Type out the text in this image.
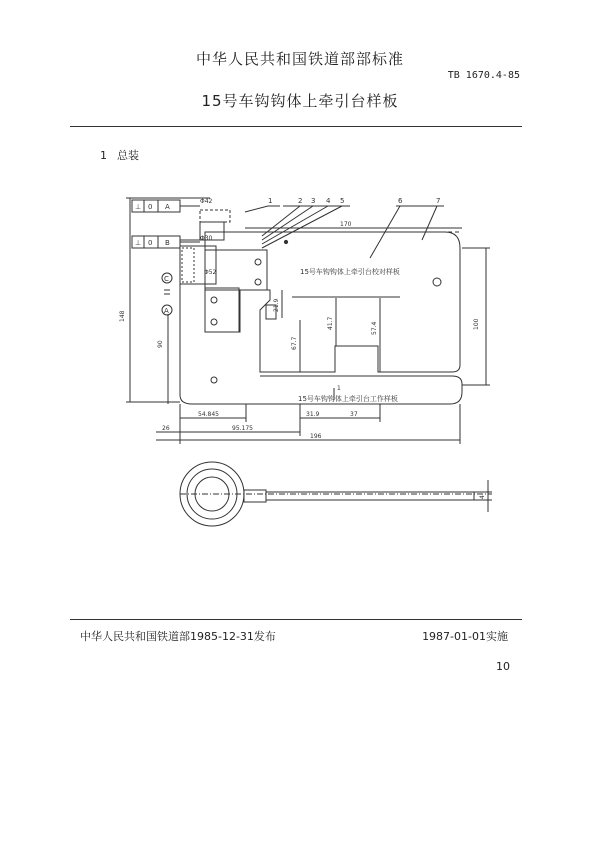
中华人民共和国铁道部部标准
TB 1670.4-85
15号车钩钩体上牵引台样板
1 总装
15号车钩钩体上牵引台校对样板
15号车钩钩体上牵引台工作样板
1	2 3 4 5	6	7
Φ42
Φ30
Φ52
170
100
148
90
21.9
67.7
41.7	57.4
1
54.845	31.9	37
26	95.175
196
4
⊥ 0 A
⊥ 0 B
C
A
中华人民共和国铁道部1985-12-31发布	1987-01-01实施
10
